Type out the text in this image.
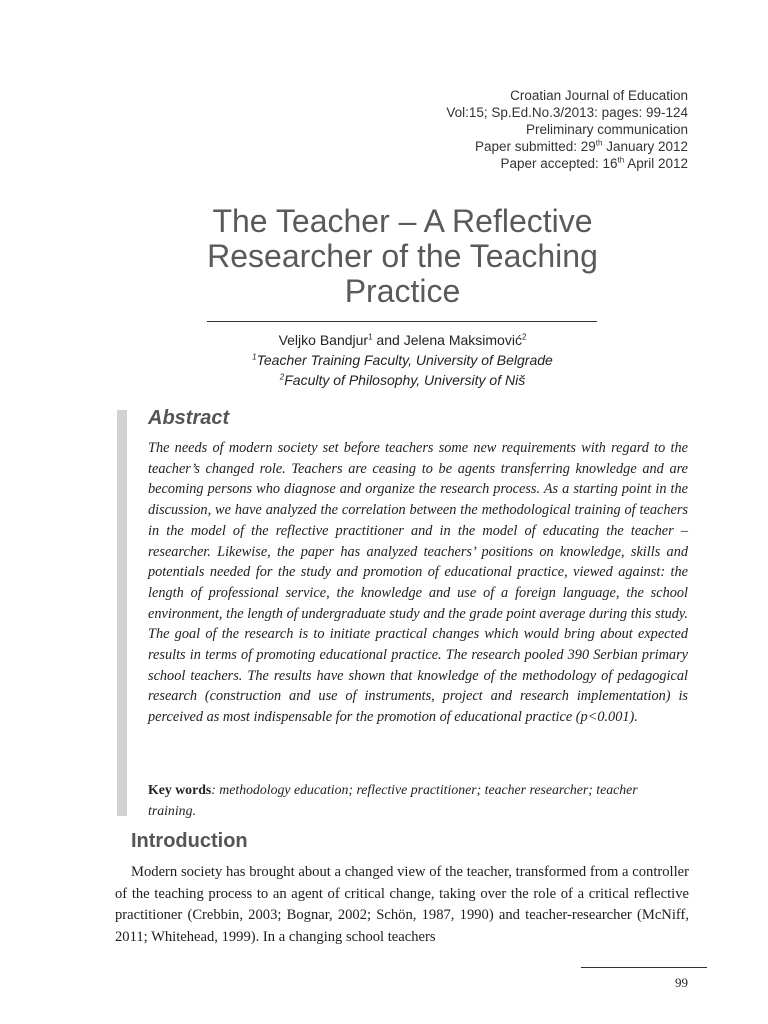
Croatian Journal of Education
Vol:15; Sp.Ed.No.3/2013: pages: 99-124
Preliminary communication
Paper submitted: 29th January 2012
Paper accepted: 16th April 2012
The Teacher – A Reflective
Researcher of the Teaching
Practice
Veljko Bandjur$^1$ and Jelena Maksimović$^2$
$^1$Teacher Training Faculty, University of Belgrade
$^2$Faculty of Philosophy, University of Niš
Abstract

The needs of modern society set before teachers some new requirements with regard to the teacher’s changed role. Teachers are ceasing to be agents transferring knowledge and are becoming persons who diagnose and organize the research process. As a starting point in the discussion, we have analyzed the correlation between the methodological training of teachers in the model of the reflective practitioner and in the model of educating the teacher – researcher. Likewise, the paper has analyzed teachers’ positions on knowledge, skills and potentials needed for the study and promotion of educational practice, viewed against: the length of professional service, the knowledge and use of a foreign language, the school environment, the length of undergraduate study and the grade point average during this study. The goal of the research is to initiate practical changes which would bring about expected results in terms of promoting educational practice. The research pooled 390 Serbian primary school teachers. The results have shown that knowledge of the methodology of pedagogical research (construction and use of instruments, project and research implementation) is perceived as most indispensable for the promotion of educational practice (p<0.001).

Key words: methodology education; reflective practitioner; teacher researcher; teacher training.
Introduction

Modern society has brought about a changed view of the teacher, transformed from a controller of the teaching process to an agent of critical change, taking over the role of a critical reflective practitioner (Crebbin, 2003; Bognar, 2002; Schön, 1987, 1990) and teacher-researcher (McNiff, 2011; Whitehead, 1999). In a changing school teachers

99
